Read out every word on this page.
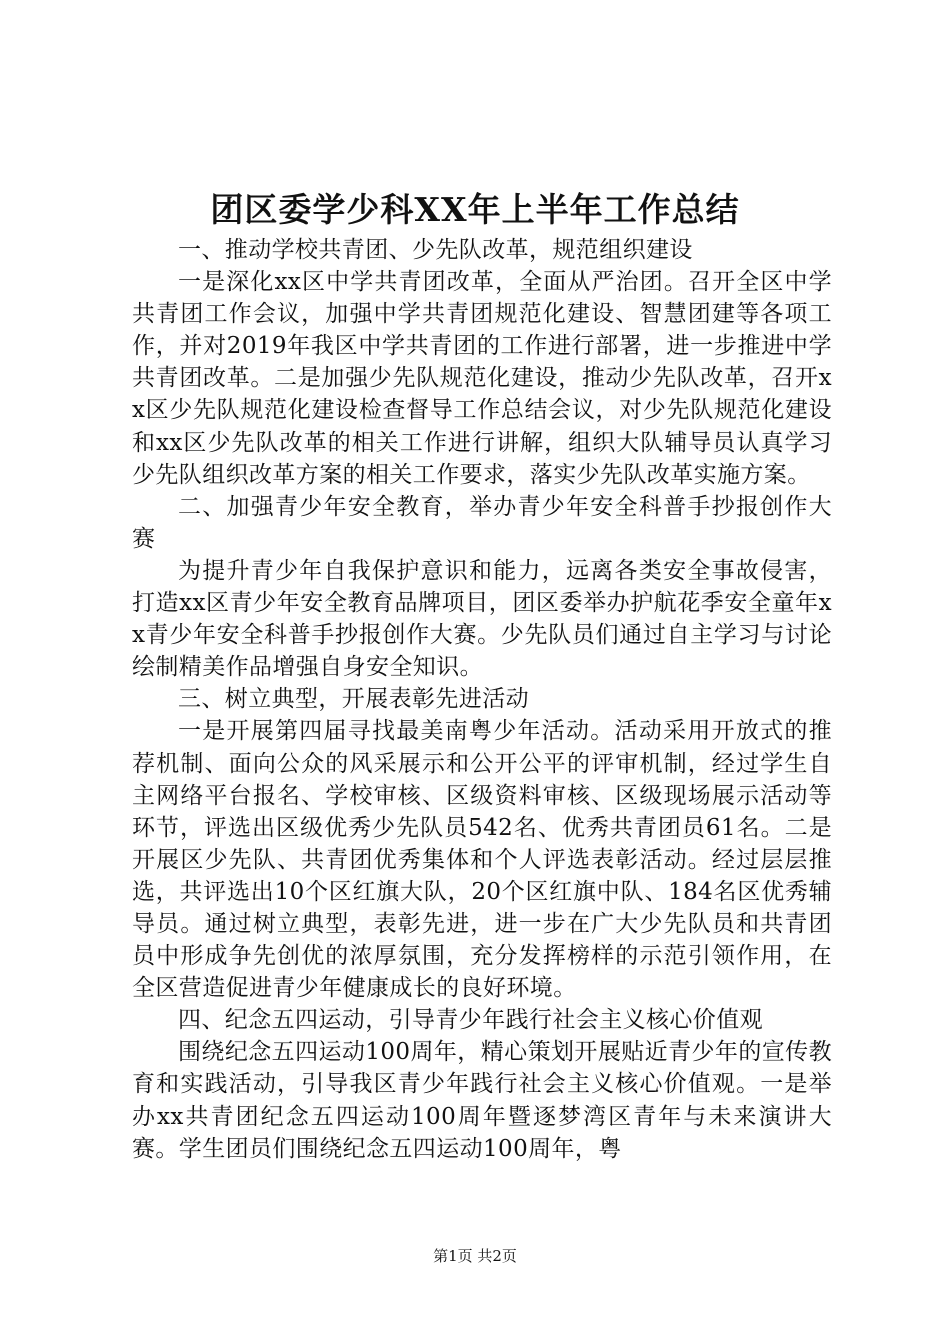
团区委学少科XX年上半年工作总结

一、推动学校共青团、少先队改革，规范组织建设

一是深化xx区中学共青团改革，全面从严治团。召开全区中学共青团工作会议，加强中学共青团规范化建设、智慧团建等各项工作，并对2019年我区中学共青团的工作进行部署，进一步推进中学共青团改革。二是加强少先队规范化建设，推动少先队改革，召开xx区少先队规范化建设检查督导工作总结会议，对少先队规范化建设和xx区少先队改革的相关工作进行讲解，组织大队辅导员认真学习少先队组织改革方案的相关工作要求，落实少先队改革实施方案。

二、加强青少年安全教育，举办青少年安全科普手抄报创作大赛

为提升青少年自我保护意识和能力，远离各类安全事故侵害，打造xx区青少年安全教育品牌项目，团区委举办护航花季安全童年xx青少年安全科普手抄报创作大赛。少先队员们通过自主学习与讨论绘制精美作品增强自身安全知识。

三、树立典型，开展表彰先进活动

一是开展第四届寻找最美南粤少年活动。活动采用开放式的推荐机制、面向公众的风采展示和公开公平的评审机制，经过学生自主网络平台报名、学校审核、区级资料审核、区级现场展示活动等环节，评选出区级优秀少先队员542名、优秀共青团员61名。二是开展区少先队、共青团优秀集体和个人评选表彰活动。经过层层推选，共评选出10个区红旗大队，20个区红旗中队、184名区优秀辅导员。通过树立典型，表彰先进，进一步在广大少先队员和共青团员中形成争先创优的浓厚氛围，充分发挥榜样的示范引领作用，在全区营造促进青少年健康成长的良好环境。

四、纪念五四运动，引导青少年践行社会主义核心价值观

围绕纪念五四运动100周年，精心策划开展贴近青少年的宣传教育和实践活动，引导我区青少年践行社会主义核心价值观。一是举办xx共青团纪念五四运动100周年暨逐梦湾区青年与未来演讲大赛。学生团员们围绕纪念五四运动100周年，粤

第1页 共2页
